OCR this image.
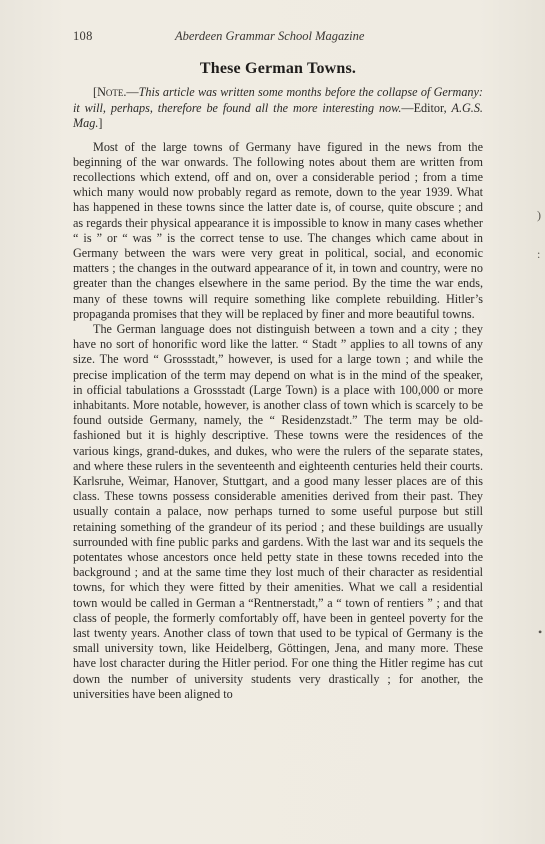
108	Aberdeen Grammar School Magazine
These German Towns.

[Note.—This article was written some months before the collapse of Germany: it will, perhaps, therefore be found all the more interesting now.—Editor, A.G.S. Mag.]

Most of the large towns of Germany have figured in the news from the beginning of the war onwards. The following notes about them are written from recollections which extend, off and on, over a considerable period ; from a time which many would now probably regard as remote, down to the year 1939. What has happened in these towns since the latter date is, of course, quite obscure ; and as regards their physical appearance it is impossible to know in many cases whether “ is ” or “ was ” is the correct tense to use. The changes which came about in Germany between the wars were very great in political, social, and economic matters ; the changes in the outward appearance of it, in town and country, were no greater than the changes elsewhere in the same period. By the time the war ends, many of these towns will require something like complete rebuilding. Hitler’s propaganda promises that they will be replaced by finer and more beautiful towns.

The German language does not distinguish between a town and a city ; they have no sort of honorific word like the latter. “ Stadt ” applies to all towns of any size. The word “ Grossstadt,” however, is used for a large town ; and while the precise implication of the term may depend on what is in the mind of the speaker, in official tabulations a Grossstadt (Large Town) is a place with 100,000 or more inhabitants. More notable, however, is another class of town which is scarcely to be found outside Germany, namely, the “ Residenzstadt.” The term may be old-fashioned but it is highly descriptive. These towns were the residences of the various kings, grand-dukes, and dukes, who were the rulers of the separate states, and where these rulers in the seventeenth and eighteenth centuries held their courts. Karlsruhe, Weimar, Hanover, Stuttgart, and a good many lesser places are of this class. These towns possess considerable amenities derived from their past. They usually contain a palace, now perhaps turned to some useful purpose but still retaining something of the grandeur of its period ; and these buildings are usually surrounded with fine public parks and gardens. With the last war and its sequels the potentates whose ancestors once held petty state in these towns receded into the background ; and at the same time they lost much of their character as residential towns, for which they were fitted by their amenities. What we call a residential town would be called in German a “Rentnerstadt,” a “ town of rentiers ” ; and that class of people, the formerly comfortably off, have been in genteel poverty for the last twenty years. Another class of town that used to be typical of Germany is the small university town, like Heidelberg, Göttingen, Jena, and many more. These have lost character during the Hitler period. For one thing the Hitler regime has cut down the number of university students very drastically ; for another, the universities have been aligned to

)
:
•
